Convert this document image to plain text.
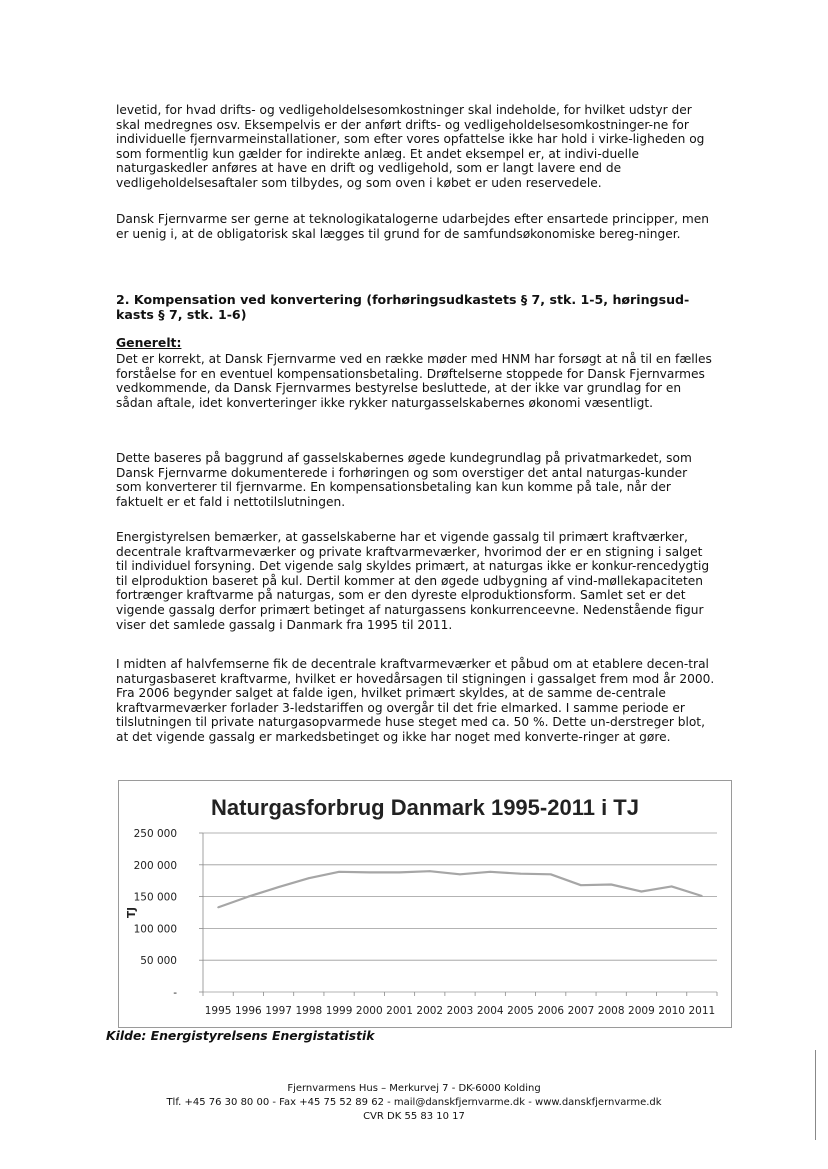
levetid, for hvad drifts- og vedligeholdelsesomkostninger skal indeholde, for hvilket udstyr der skal medregnes osv. Eksempelvis er der anført drifts- og vedligeholdelsesomkostninger-ne for individuelle fjernvarmeinstallationer, som efter vores opfattelse ikke har hold i virke-ligheden og som formentlig kun gælder for indirekte anlæg. Et andet eksempel er, at indivi-duelle naturgaskedler anføres at have en drift og vedligehold, som er langt lavere end de vedligeholdelsesaftaler som tilbydes, og som oven i købet er uden reservedele.

Dansk Fjernvarme ser gerne at teknologikatalogerne udarbejdes efter ensartede principper, men er uenig i, at de obligatorisk skal lægges til grund for de samfundsøkonomiske bereg-ninger.

2. Kompensation ved konvertering (forhøringsudkastets § 7, stk. 1-5, høringsud-kasts § 7, stk. 1-6)

Generelt:

Det er korrekt, at Dansk Fjernvarme ved en række møder med HNM har forsøgt at nå til en fælles forståelse for en eventuel kompensationsbetaling. Drøftelserne stoppede for Dansk Fjernvarmes vedkommende, da Dansk Fjernvarmes bestyrelse besluttede, at der ikke var grundlag for en sådan aftale, idet konverteringer ikke rykker naturgasselskabernes økonomi væsentligt.

Dette baseres på baggrund af gasselskabernes øgede kundegrundlag på privatmarkedet, som Dansk Fjernvarme dokumenterede i forhøringen og som overstiger det antal naturgas-kunder som konverterer til fjernvarme. En kompensationsbetaling kan kun komme på tale, når der faktuelt er et fald i nettotilslutningen.

Energistyrelsen bemærker, at gasselskaberne har et vigende gassalg til primært kraftværker, decentrale kraftvarmeværker og private kraftvarmeværker, hvorimod der er en stigning i salget til individuel forsyning. Det vigende salg skyldes primært, at naturgas ikke er konkur-rencedygtig til elproduktion baseret på kul. Dertil kommer at den øgede udbygning af vind-møllekapaciteten fortrænger kraftvarme på naturgas, som er den dyreste elproduktionsform. Samlet set er det vigende gassalg derfor primært betinget af naturgassens konkurrenceevne. Nedenstående figur viser det samlede gassalg i Danmark fra 1995 til 2011.

I midten af halvfemserne fik de decentrale kraftvarmeværker et påbud om at etablere decen-tral naturgasbaseret kraftvarme, hvilket er hovedårsagen til stigningen i gassalget frem mod år 2000. Fra 2006 begynder salget at falde igen, hvilket primært skyldes, at de samme de-centrale kraftvarmeværker forlader 3-ledstariffen og overgår til det frie elmarked. I samme periode er tilslutningen til private naturgasopvarmede huse steget med ca. 50 %. Dette un-derstreger blot, at det vigende gassalg er markedsbetinget og ikke har noget med konverte-ringer at gøre.

Naturgasforbrug Danmark 1995-2011 i TJ
-
50 000
100 000
150 000
200 000
250 000
TJ
1995 1996 1997 1998 1999 2000 2001 2002 2003 2004 2005 2006 2007 2008 2009 2010 2011

Kilde: Energistyrelsens Energistatistik

Fjernvarmens Hus – Merkurvej 7 - DK-6000 Kolding

Tlf. +45 76 30 80 00 - Fax +45 75 52 89 62 - mail@danskfjernvarme.dk - www.danskfjernvarme.dk

CVR DK 55 83 10 17
